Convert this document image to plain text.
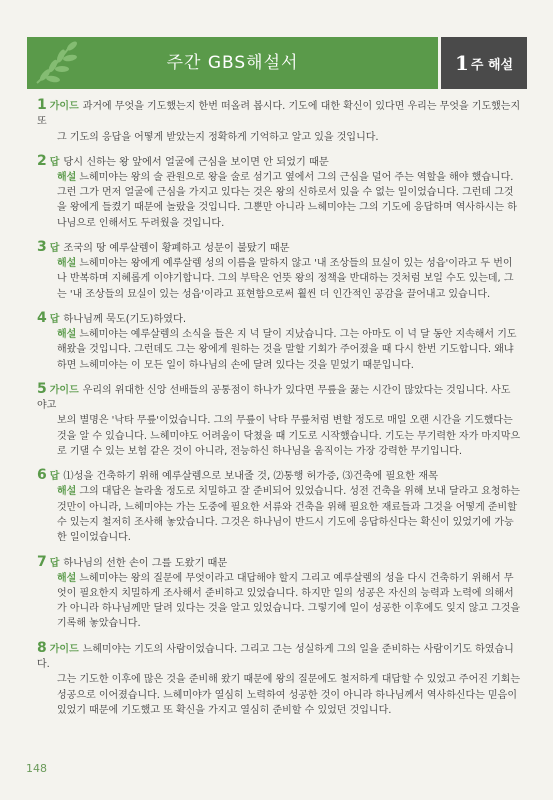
주간 GBS해설서	1 주 해설
1 가이드 과거에 무엇을 기도했는지 한번 떠올려 봅시다. 기도에 대한 확신이 있다면 우리는 무엇을 기도했는지 또
그 기도의 응답을 어떻게 받았는지 정확하게 기억하고 알고 있을 것입니다.
2 답 당시 신하는 왕 앞에서 얼굴에 근심을 보이면 안 되었기 때문
해설 느헤미야는 왕의 술 관원으로 왕을 술로 섬기고 옆에서 그의 근심을 덜어 주는 역할을 해야 했습니다. 그런 그가 먼저 얼굴에 근심을 가지고 있다는 것은 왕의 신하로서 있을 수 없는 일이었습니다. 그런데 그것을 왕에게 들켰기 때문에 놀랐을 것입니다. 그뿐만 아니라 느헤미야는 그의 기도에 응답하며 역사하시는 하나님으로 인해서도 두려웠을 것입니다.
3 답 조국의 땅 예루살렘이 황폐하고 성문이 불탔기 때문
해설 느헤미야는 왕에게 예루살렘 성의 이름을 말하지 않고 '내 조상들의 묘실이 있는 성읍'이라고 두 번이나 반복하며 지혜롭게 이야기합니다. 그의 부탁은 언뜻 왕의 정책을 반대하는 것처럼 보일 수도 있는데, 그는 '내 조상들의 묘실이 있는 성읍'이라고 표현함으로써 훨씬 더 인간적인 공감을 끌어내고 있습니다.
4 답 하나님께 묵도(기도)하였다.
해설 느헤미야는 예루살렘의 소식을 들은 지 넉 달이 지났습니다. 그는 아마도 이 넉 달 동안 지속해서 기도해왔을 것입니다. 그런데도 그는 왕에게 원하는 것을 말할 기회가 주어졌을 때 다시 한번 기도합니다. 왜냐하면 느헤미야는 이 모든 일이 하나님의 손에 달려 있다는 것을 믿었기 때문입니다.
5 가이드 우리의 위대한 신앙 선배들의 공통점이 하나가 있다면 무릎을 꿇는 시간이 많았다는 것입니다. 사도 야고
보의 별명은 '낙타 무릎'이었습니다. 그의 무릎이 낙타 무릎처럼 변할 정도로 매일 오랜 시간을 기도했다는 것을 알 수 있습니다. 느헤미야도 어려움이 닥쳤을 때 기도로 시작했습니다. 기도는 무기력한 자가 마지막으로 기댈 수 있는 보험 같은 것이 아니라, 전능하신 하나님을 움직이는 가장 강력한 무기입니다.
6 답 ⑴성을 건축하기 위해 예루살렘으로 보내줄 것, ⑵통행 허가증, ⑶건축에 필요한 재목
해설 그의 대답은 놀라울 정도로 치밀하고 잘 준비되어 있었습니다. 성전 건축을 위해 보내 달라고 요청하는 것만이 아니라, 느헤미야는 가는 도중에 필요한 서류와 건축을 위해 필요한 재료들과 그것을 어떻게 준비할 수 있는지 철저히 조사해 놓았습니다. 그것은 하나님이 반드시 기도에 응답하신다는 확신이 있었기에 가능한 일이었습니다.
7 답 하나님의 선한 손이 그를 도왔기 때문
해설 느헤미야는 왕의 질문에 무엇이라고 대답해야 할지 그리고 예루살렘의 성을 다시 건축하기 위해서 무엇이 필요한지 치밀하게 조사해서 준비하고 있었습니다. 하지만 일의 성공은 자신의 능력과 노력에 의해서가 아니라 하나님께만 달려 있다는 것을 알고 있었습니다. 그렇기에 일이 성공한 이후에도 잊지 않고 그것을 기록해 놓았습니다.
8 가이드 느헤미야는 기도의 사람이었습니다. 그리고 그는 성실하게 그의 일을 준비하는 사람이기도 하였습니다.
그는 기도한 이후에 많은 것을 준비해 왔기 때문에 왕의 질문에도 철저하게 대답할 수 있었고 주어진 기회는 성공으로 이어졌습니다. 느헤미야가 열심히 노력하여 성공한 것이 아니라 하나님께서 역사하신다는 믿음이 있었기 때문에 기도했고 또 확신을 가지고 열심히 준비할 수 있었던 것입니다.
148
